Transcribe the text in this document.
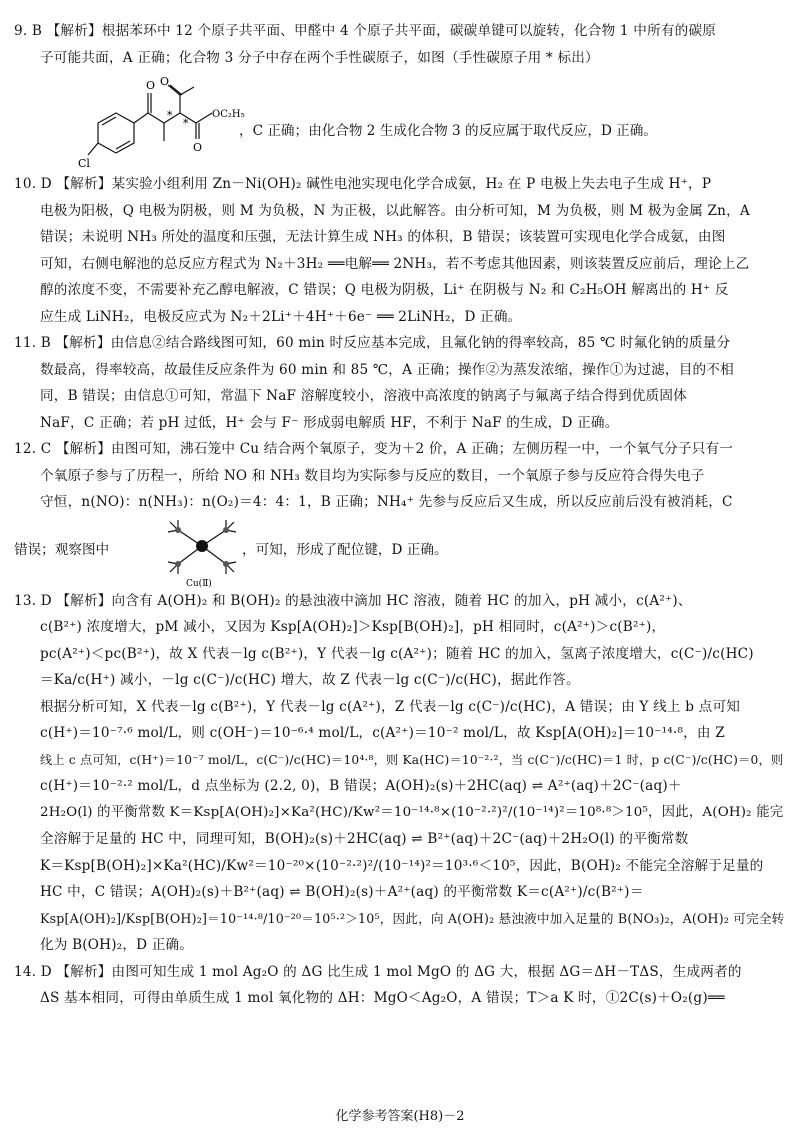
9. B 【解析】根据苯环中 12 个原子共平面、甲醛中 4 个原子共平面，碳碳单键可以旋转，化合物 1 中所有的碳原
子可能共面，A 正确；化合物 3 分子中存在两个手性碳原子，如图（手性碳原子用 * 标出）
O O
O
OC₂H₅
Cl
*
*	，C 正确；由化合物 2 生成化合物 3 的反应属于取代反应，D 正确。
10. D 【解析】某实验小组利用 Zn－Ni(OH)₂ 碱性电池实现电化学合成氨，H₂ 在 P 电极上失去电子生成 H⁺，P
电极为阳极，Q 电极为阴极，则 M 为负极，N 为正极，以此解答。由分析可知，M 为负极，则 M 极为金属 Zn，A
错误；未说明 NH₃ 所处的温度和压强，无法计算生成 NH₃ 的体积，B 错误；该装置可实现电化学合成氨，由图
可知，右侧电解池的总反应方程式为 N₂＋3H₂ ══电解══ 2NH₃，若不考虑其他因素，则该装置反应前后，理论上乙
醇的浓度不变，不需要补充乙醇电解液，C 错误；Q 电极为阴极，Li⁺ 在阴极与 N₂ 和 C₂H₅OH 解离出的 H⁺ 反
应生成 LiNH₂，电极反应式为 N₂＋2Li⁺＋4H⁺＋6e⁻ ══ 2LiNH₂，D 正确。
11. B 【解析】由信息②结合路线图可知，60 min 时反应基本完成，且氟化钠的得率较高，85 ℃ 时氟化钠的质量分
数最高，得率较高，故最佳反应条件为 60 min 和 85 ℃，A 正确；操作②为蒸发浓缩，操作①为过滤，目的不相
同，B 错误；由信息①可知，常温下 NaF 溶解度较小，溶液中高浓度的钠离子与氟离子结合得到优质固体
NaF，C 正确；若 pH 过低，H⁺ 会与 F⁻ 形成弱电解质 HF，不利于 NaF 的生成，D 正确。
12. C 【解析】由图可知，沸石笼中 Cu 结合两个氧原子，变为＋2 价，A 正确；左侧历程一中，一个氧气分子只有一
个氧原子参与了历程一，所给 NO 和 NH₃ 数目均为实际参与反应的数目，一个氧原子参与反应符合得失电子
守恒，n(NO)：n(NH₃)：n(O₂)＝4：4：1，B 正确；NH₄⁺ 先参与反应后又生成，所以反应前后没有被消耗，C
错误；观察图中
Cu(Ⅱ)
，可知，形成了配位键，D 正确。
13. D 【解析】向含有 A(OH)₂ 和 B(OH)₂ 的悬浊液中滴加 HC 溶液，随着 HC 的加入，pH 减小，c(A²⁺)、
c(B²⁺) 浓度增大，pM 减小，又因为 Ksp[A(OH)₂]＞Ksp[B(OH)₂]，pH 相同时，c(A²⁺)＞c(B²⁺)，
pc(A²⁺)＜pc(B²⁺)，故 X 代表－lg c(B²⁺)，Y 代表－lg c(A²⁺)；随着 HC 的加入，氢离子浓度增大，c(C⁻)/c(HC)
＝Ka/c(H⁺) 减小，－lg c(C⁻)/c(HC) 增大，故 Z 代表－lg c(C⁻)/c(HC)，据此作答。
根据分析可知，X 代表－lg c(B²⁺)，Y 代表－lg c(A²⁺)，Z 代表－lg c(C⁻)/c(HC)，A 错误；由 Y 线上 b 点可知
c(H⁺)＝10⁻⁷·⁶ mol/L，则 c(OH⁻)＝10⁻⁶·⁴ mol/L，c(A²⁺)＝10⁻² mol/L，故 Ksp[A(OH)₂]＝10⁻¹⁴·⁸，由 Z
线上 c 点可知，c(H⁺)＝10⁻⁷ mol/L，c(C⁻)/c(HC)＝10⁴·⁸，则 Ka(HC)＝10⁻²·²，当 c(C⁻)/c(HC)＝1 时，p c(C⁻)/c(HC)＝0，则
c(H⁺)＝10⁻²·² mol/L，d 点坐标为 (2.2, 0)，B 错误；A(OH)₂(s)＋2HC(aq) ⇌ A²⁺(aq)＋2C⁻(aq)＋
2H₂O(l) 的平衡常数 K＝Ksp[A(OH)₂]×Ka²(HC)/Kw²＝10⁻¹⁴·⁸×(10⁻²·²)²/(10⁻¹⁴)²＝10⁸·⁸＞10⁵，因此，A(OH)₂ 能完
全溶解于足量的 HC 中，同理可知，B(OH)₂(s)＋2HC(aq) ⇌ B²⁺(aq)＋2C⁻(aq)＋2H₂O(l) 的平衡常数
K＝Ksp[B(OH)₂]×Ka²(HC)/Kw²＝10⁻²⁰×(10⁻²·²)²/(10⁻¹⁴)²＝10³·⁶＜10⁵，因此，B(OH)₂ 不能完全溶解于足量的
HC 中，C 错误；A(OH)₂(s)＋B²⁺(aq) ⇌ B(OH)₂(s)＋A²⁺(aq) 的平衡常数 K＝c(A²⁺)/c(B²⁺)＝
Ksp[A(OH)₂]/Ksp[B(OH)₂]＝10⁻¹⁴·⁸/10⁻²⁰＝10⁵·²＞10⁵，因此，向 A(OH)₂ 悬浊液中加入足量的 B(NO₃)₂，A(OH)₂ 可完全转
化为 B(OH)₂，D 正确。
14. D 【解析】由图可知生成 1 mol Ag₂O 的 ΔG 比生成 1 mol MgO 的 ΔG 大，根据 ΔG＝ΔH－TΔS，生成两者的
ΔS 基本相同，可得由单质生成 1 mol 氧化物的 ΔH：MgO＜Ag₂O，A 错误；T＞a K 时，①2C(s)＋O₂(g)══
化学参考答案(H8)－2
